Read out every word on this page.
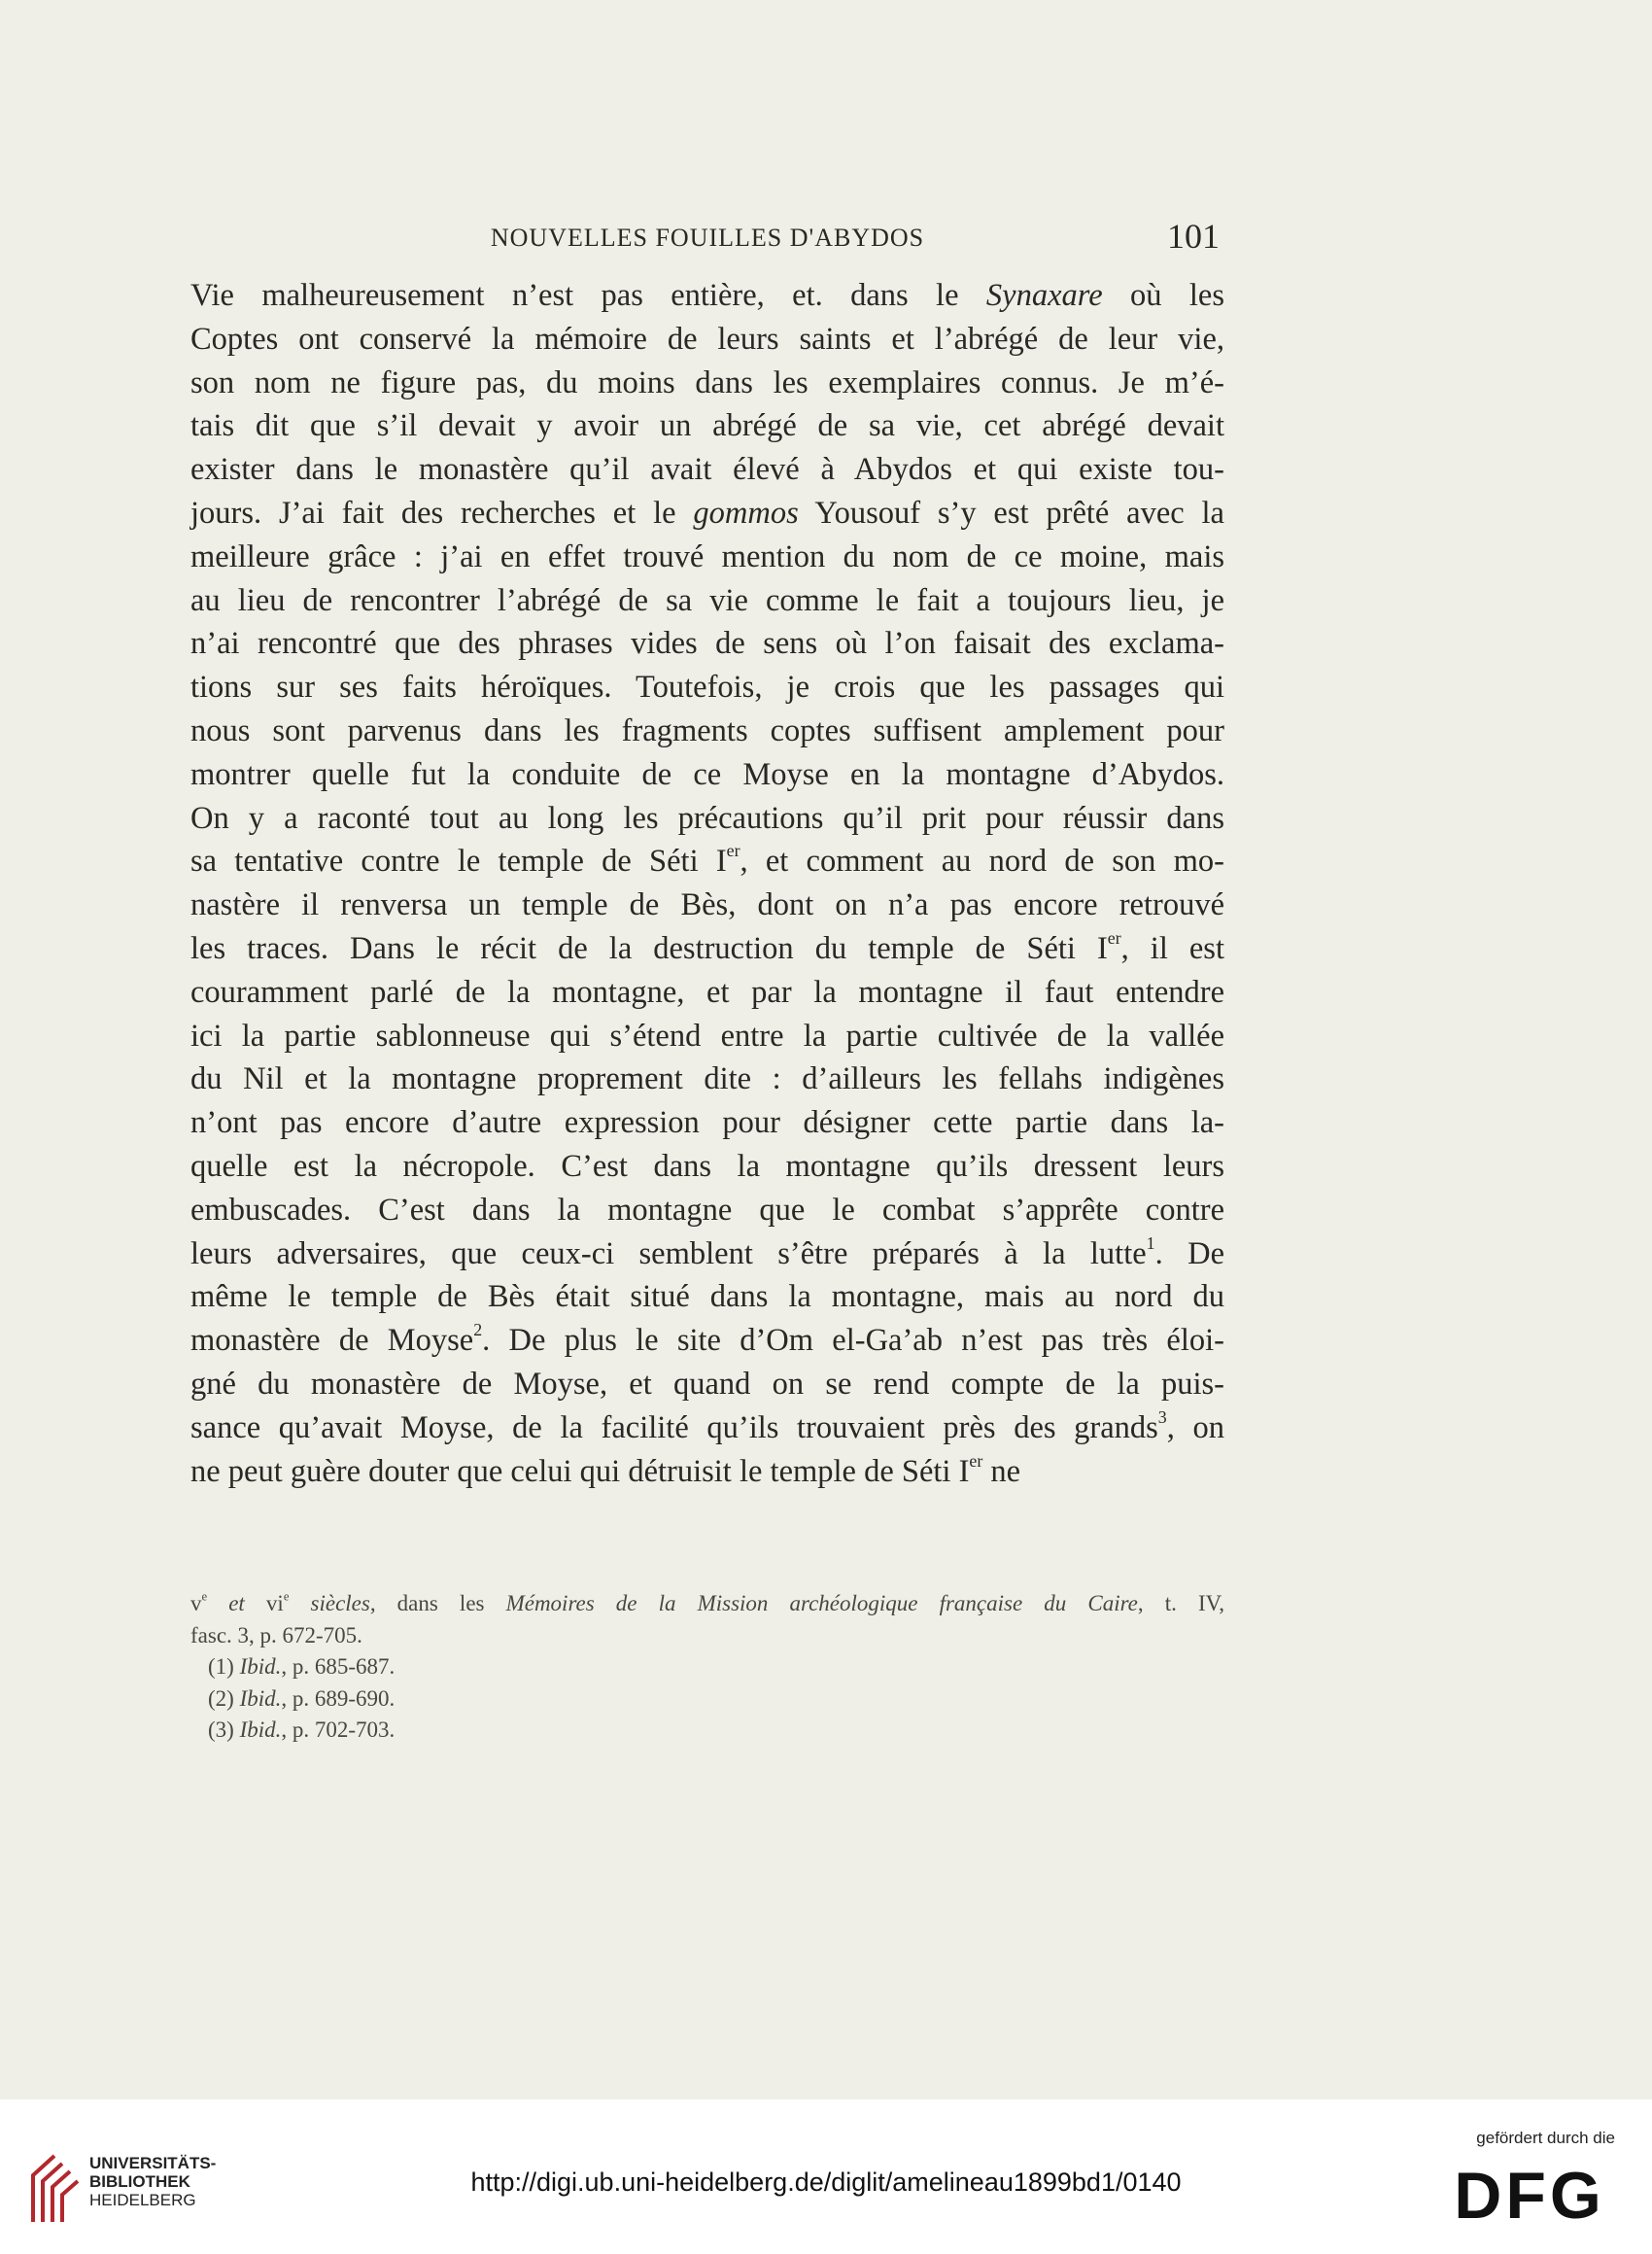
NOUVELLES FOUILLES D'ABYDOS	101
Vie malheureusement n’est pas entière, et. dans le Synaxare où les
Coptes ont conservé la mémoire de leurs saints et l’abrégé de leur vie,
son nom ne figure pas, du moins dans les exemplaires connus. Je m’é-
tais dit que s’il devait y avoir un abrégé de sa vie, cet abrégé devait
exister dans le monastère qu’il avait élevé à Abydos et qui existe tou-
jours. J’ai fait des recherches et le gommos Yousouf s’y est prêté avec la
meilleure grâce : j’ai en effet trouvé mention du nom de ce moine, mais
au lieu de rencontrer l’abrégé de sa vie comme le fait a toujours lieu, je
n’ai rencontré que des phrases vides de sens où l’on faisait des exclama-
tions sur ses faits héroïques. Toutefois, je crois que les passages qui
nous sont parvenus dans les fragments coptes suffisent amplement pour
montrer quelle fut la conduite de ce Moyse en la montagne d’Abydos.
On y a raconté tout au long les précautions qu’il prit pour réussir dans
sa tentative contre le temple de Séti Ier, et comment au nord de son mo-
nastère il renversa un temple de Bès, dont on n’a pas encore retrouvé
les traces. Dans le récit de la destruction du temple de Séti Ier, il est
couramment parlé de la montagne, et par la montagne il faut entendre
ici la partie sablonneuse qui s’étend entre la partie cultivée de la vallée
du Nil et la montagne proprement dite : d’ailleurs les fellahs indigènes
n’ont pas encore d’autre expression pour désigner cette partie dans la-
quelle est la nécropole. C’est dans la montagne qu’ils dressent leurs
embuscades. C’est dans la montagne que le combat s’apprête contre
leurs adversaires, que ceux-ci semblent s’être préparés à la lutte$^1$. De
même le temple de Bès était situé dans la montagne, mais au nord du
monastère de Moyse$^2$. De plus le site d’Om el-Ga’ab n’est pas très éloi-
gné du monastère de Moyse, et quand on se rend compte de la puis-
sance qu’avait Moyse, de la facilité qu’ils trouvaient près des grands$^3$, on
ne peut guère douter que celui qui détruisit le temple de Séti Ier ne
$v^e$ et $vi^e$ siècles, dans les Mémoires de la Mission archéologique française du Caire, t. IV,
fasc. 3, p. 672-705.
(1) Ibid., p. 685-687.
(2) Ibid., p. 689-690.
(3) Ibid., p. 702-703.
UNIVERSITÄTS-
BIBLIOTHEK
HEIDELBERG
http://digi.ub.uni-heidelberg.de/diglit/amelineau1899bd1/0140
gefördert durch die
DFG
